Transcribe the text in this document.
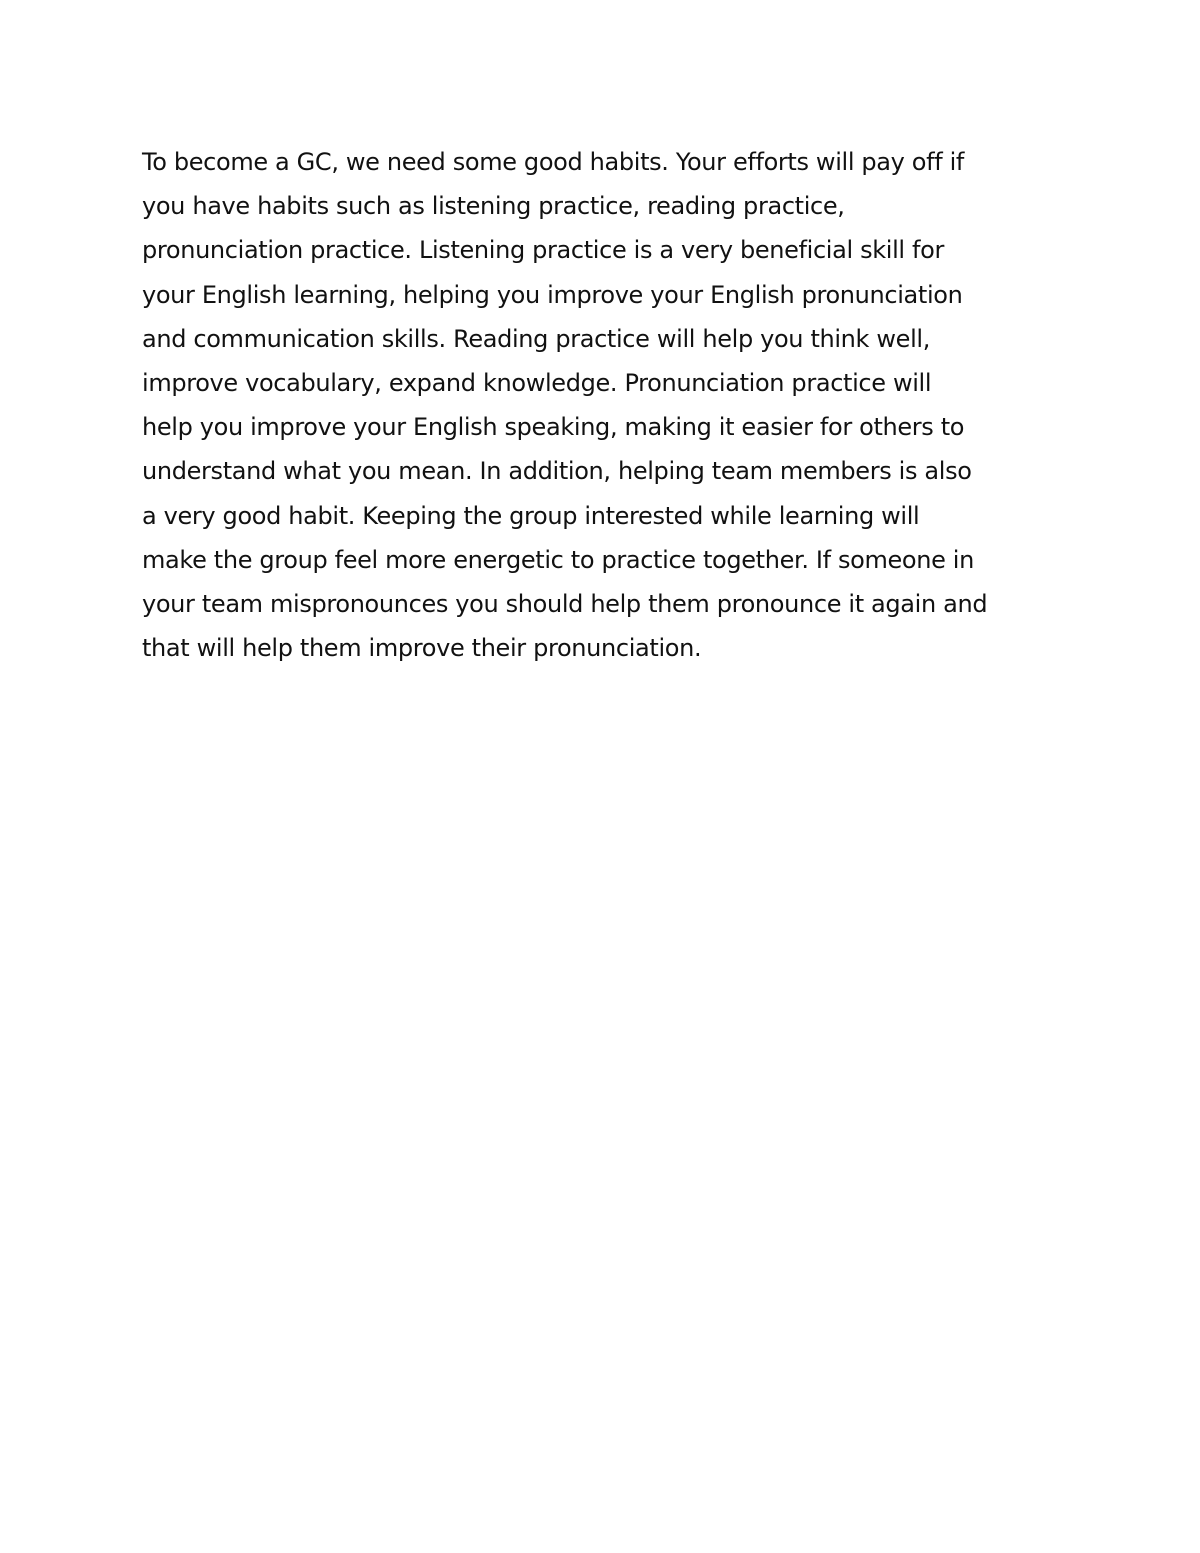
To become a GC, we need some good habits. Your efforts will pay off if
you have habits such as listening practice, reading practice,
pronunciation practice. Listening practice is a very beneficial skill for
your English learning, helping you improve your English pronunciation
and communication skills. Reading practice will help you think well,
improve vocabulary, expand knowledge. Pronunciation practice will
help you improve your English speaking, making it easier for others to
understand what you mean. In addition, helping team members is also
a very good habit. Keeping the group interested while learning will
make the group feel more energetic to practice together. If someone in
your team mispronounces you should help them pronounce it again and
that will help them improve their pronunciation.
